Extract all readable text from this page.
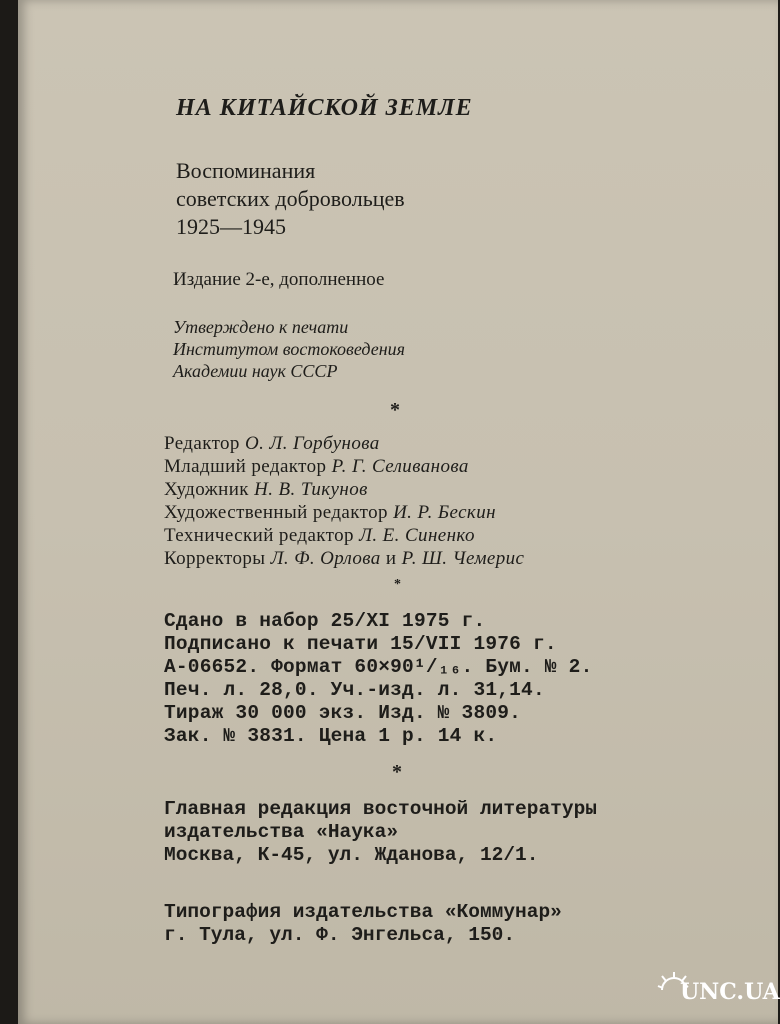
НА КИТАЙСКОЙ ЗЕМЛЕ
Воспоминания
советских добровольцев
1925—1945
Издание 2-е, дополненное
Утверждено к печати
Институтом востоковедения
Академии наук СССР
*
Редактор О. Л. Горбунова
Младший редактор Р. Г. Селиванова
Художник Н. В. Тикунов
Художественный редактор И. Р. Бескин
Технический редактор Л. Е. Синенко
Корректоры Л. Ф. Орлова и Р. Ш. Чемерис
*
Сдано в набор 25/XI 1975 г.
Подписано к печати 15/VII 1976 г.
А-06652. Формат 60×90¹/₁₆. Бум. № 2.
Печ. л. 28,0. Уч.-изд. л. 31,14.
Тираж 30 000 экз. Изд. № 3809.
Зак. № 3831. Цена 1 р. 14 к.
*
Главная редакция восточной литературы
издательства «Наука»
Москва, К-45, ул. Жданова, 12/1.
Типография издательства «Коммунар»
г. Тула, ул. Ф. Энгельса, 150.
UNC.UA
